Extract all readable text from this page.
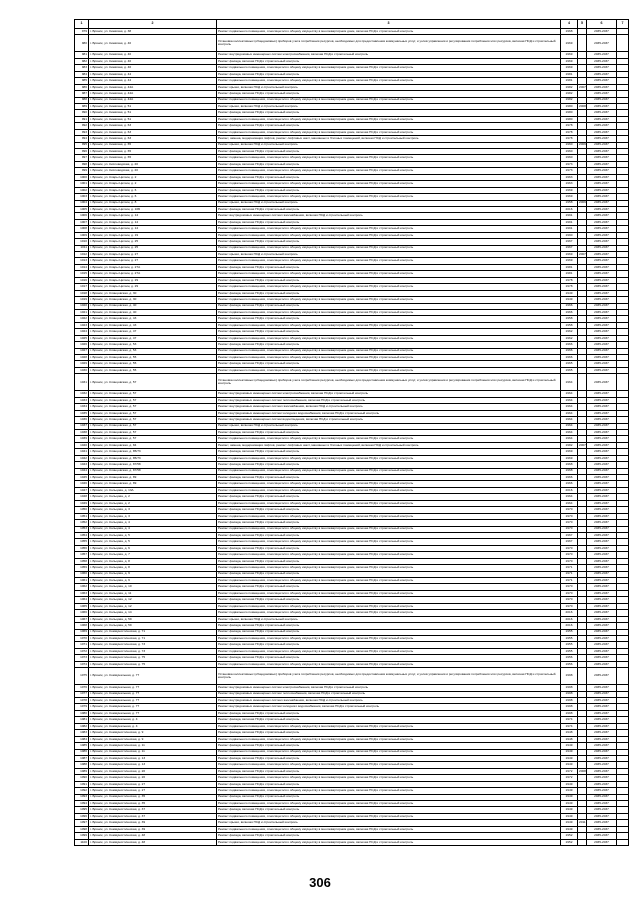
1	2	3	4	5	6	7
979	г. Брянск, ул. Киевская, д. 38	Ремонт подвального помещения, относящегося к общему имуществу в многоквартирном доме, включая ПСД и строительный контроль	1968		2035-2037	
980	г. Брянск, ул. Киевская, д. 40	Установка коллективных (общедомовых) приборов учета потребления ресурсов, необходимых для предоставления коммунальных услуг, и узлов управления и регулирования потребления этих ресурсов, включая ПСД и строительный контроль	1969		2035-2037	
981	г. Брянск, ул. Киевская, д. 40	Ремонт внутридомовых инженерных систем электроснабжения, включая ПСД и строительный контроль	1969		2035-2037	
982	г. Брянск, ул. Киевская, д. 40	Ремонт фасада, включая ПСД и строительный контроль	1969		2035-2037	
983	г. Брянск, ул. Киевская, д. 40	Ремонт подвального помещения, относящегося к общему имуществу в многоквартирном доме, включая ПСД и строительный контроль	1969		2035-2037	
984	г. Брянск, ул. Киевская, д. 44	Ремонт фасада, включая ПСД и строительный контроль	1981		2035-2037	
985	г. Брянск, ул. Киевская, д. 44	Ремонт подвального помещения, относящегося к общему имуществу в многоквартирном доме, включая ПСД и строительный контроль	1981		2035-2037	
986	г. Брянск, ул. Киевская, д. 44А	Ремонт крыши, включая ПСД и строительный контроль	1982	2007	2035-2037	
987	г. Брянск, ул. Киевская, д. 44А	Ремонт фасада, включая ПСД и строительный контроль	1982		2035-2037	
988	г. Брянск, ул. Киевская, д. 44А	Ремонт подвального помещения, относящегося к общему имуществу в многоквартирном доме, включая ПСД и строительный контроль	1982		2035-2037	
989	г. Брянск, ул. Киевская, д. 51	Ремонт крыши, включая ПСД и строительный контроль	1980	2008	2035-2037	
990	г. Брянск, ул. Киевская, д. 51	Ремонт фасада, включая ПСД и строительный контроль	1980		2035-2037	
991	г. Брянск, ул. Киевская, д. 51	Ремонт подвального помещения, относящегося к общему имуществу в многоквартирном доме, включая ПСД и строительный контроль	1980		2035-2037	
992	г. Брянск, ул. Киевская, д. 63	Ремонт фасада, включая ПСД и строительный контроль	1978		2035-2037	
993	г. Брянск, ул. Киевская, д. 63	Ремонт подвального помещения, относящегося к общему имуществу в многоквартирном доме, включая ПСД и строительный контроль	1978		2035-2037	
994	г. Брянск, ул. Киевская, д. 63	Ремонт, замена, модернизация лифтов, ремонт лифтовых шахт, машинных и блочных помещений, включая ПСД и строительный контроль	1978		2035-2037	
995	г. Брянск, ул. Киевская, д. 65	Ремонт крыши, включая ПСД и строительный контроль	1960	2009	2035-2037	
996	г. Брянск, ул. Киевская, д. 65	Ремонт фасада, включая ПСД и строительный контроль	1960		2035-2037	
997	г. Брянск, ул. Киевская, д. 65	Ремонт подвального помещения, относящегося к общему имуществу в многоквартирном доме, включая ПСД и строительный контроль	1960		2035-2037	
998	г. Брянск, ул. Кисловодская, д. 20	Ремонт фасада, включая ПСД и строительный контроль	1973		2035-2037	
999	г. Брянск, ул. Кисловодская, д. 20	Ремонт подвального помещения, относящегося к общему имуществу в многоквартирном доме, включая ПСД и строительный контроль	1973		2035-2037	
1000	г. Брянск, ул. Клары Цеткин, д. 2	Ремонт фасада, включая ПСД и строительный контроль	1963		2035-2037	
1001	г. Брянск, ул. Клары Цеткин, д. 2	Ремонт подвального помещения, относящегося к общему имуществу в многоквартирном доме, включая ПСД и строительный контроль	1963		2035-2037	
1002	г. Брянск, ул. Клары Цеткин, д. 6	Ремонт фасада, включая ПСД и строительный контроль	1969		2035-2037	
1003	г. Брянск, ул. Клары Цеткин, д. 6	Ремонт подвального помещения, относящегося к общему имуществу в многоквартирном доме, включая ПСД и строительный контроль	1969		2035-2037	
1004	г. Брянск, ул. Клары Цеткин, д. 8	Ремонт крыши, включая ПСД и строительный контроль	1958	2009	2035-2037	
1005	г. Брянск, ул. Клары Цеткин, д. 10Б	Ремонт фасада, включая ПСД и строительный контроль	2016		2035-2037	
1006	г. Брянск, ул. Клары Цеткин, д. 14	Ремонт внутридомовых инженерных систем газоснабжения, включая ПСД и строительный контроль	1991		2035-2037	
1007	г. Брянск, ул. Клары Цеткин, д. 14	Ремонт фасада, включая ПСД и строительный контроль	1991		2035-2037	
1008	г. Брянск, ул. Клары Цеткин, д. 14	Ремонт подвального помещения, относящегося к общему имуществу в многоквартирном доме, включая ПСД и строительный контроль	1991		2035-2037	
1009	г. Брянск, ул. Клары Цеткин, д. 19	Ремонт подвального помещения, относящегося к общему имуществу в многоквартирном доме, включая ПСД и строительный контроль	1990		2035-2037	
1010	г. Брянск, ул. Клары Цеткин, д. 25	Ремонт фасада, включая ПСД и строительный контроль	1967		2035-2037	
1011	г. Брянск, ул. Клары Цеткин, д. 25	Ремонт подвального помещения, относящегося к общему имуществу в многоквартирном доме, включая ПСД и строительный контроль	1967		2035-2037	
1012	г. Брянск, ул. Клары Цеткин, д. 27	Ремонт крыши, включая ПСД и строительный контроль	1969	2007	2035-2037	
1013	г. Брянск, ул. Клары Цеткин, д. 27	Ремонт подвального помещения, относящегося к общему имуществу в многоквартирном доме, включая ПСД и строительный контроль	1969		2035-2037	
1014	г. Брянск, ул. Клары Цеткин, д. 27А	Ремонт фасада, включая ПСД и строительный контроль	1981		2035-2037	
1015	г. Брянск, ул. Клары Цеткин, д. 27А	Ремонт подвального помещения, относящегося к общему имуществу в многоквартирном доме, включая ПСД и строительный контроль	1981		2035-2037	
1016	г. Брянск, ул. Клары Цеткин, д. 29	Ремонт фасада, включая ПСД и строительный контроль	1978		2035-2037	
1017	г. Брянск, ул. Клары Цеткин, д. 29	Ремонт подвального помещения, относящегося к общему имуществу в многоквартирном доме, включая ПСД и строительный контроль	1978		2035-2037	
1018	г. Брянск, ул. Клинцовская, д. 30	Ремонт фасада, включая ПСД и строительный контроль	1949		2035-2037	
1019	г. Брянск, ул. Клинцовская, д. 30	Ремонт подвального помещения, относящегося к общему имуществу в многоквартирном доме, включая ПСД и строительный контроль	1949		2035-2037	
1020	г. Брянск, ул. Клинцовская, д. 40	Ремонт фасада, включая ПСД и строительный контроль	1966		2035-2037	
1021	г. Брянск, ул. Клинцовская, д. 40	Ремонт подвального помещения, относящегося к общему имуществу в многоквартирном доме, включая ПСД и строительный контроль	1966		2035-2037	
1022	г. Брянск, ул. Клинцовская, д. 43	Ремонт фасада, включая ПСД и строительный контроль	1958		2035-2037	
1023	г. Брянск, ул. Клинцовская, д. 43	Ремонт подвального помещения, относящегося к общему имуществу в многоквартирном доме, включая ПСД и строительный контроль	1958		2035-2037	
1024	г. Брянск, ул. Клинцовская, д. 47	Ремонт фасада, включая ПСД и строительный контроль	1962		2035-2037	
1025	г. Брянск, ул. Клинцовская, д. 47	Ремонт подвального помещения, относящегося к общему имуществу в многоквартирном доме, включая ПСД и строительный контроль	1962		2035-2037	
1026	г. Брянск, ул. Клинцовская, д. 53	Ремонт фасада, включая ПСД и строительный контроль	1966		2035-2037	
1027	г. Брянск, ул. Клинцовская, д. 53	Ремонт подвального помещения, относящегося к общему имуществу в многоквартирном доме, включая ПСД и строительный контроль	1966		2035-2037	
1028	г. Брянск, ул. Клинцовская, д. 55	Ремонт подвального помещения, относящегося к общему имуществу в многоквартирном доме, включая ПСД и строительный контроль	1966		2035-2037	
1029	г. Брянск, ул. Клинцовская, д. 55	Ремонт фасада, включая ПСД и строительный контроль	1965		2035-2037	
1030	г. Брянск, ул. Клинцовская, д. 55	Ремонт подвального помещения, относящегося к общему имуществу в многоквартирном доме, включая ПСД и строительный контроль	1965		2035-2037	
1031	г. Брянск, ул. Клинцовская, д. 57	Установка коллективных (общедомовых) приборов учета потребления ресурсов, необходимых для предоставления коммунальных услуг, и узлов управления и регулирования потребления этих ресурсов, включая ПСД и строительный контроль	1964		2035-2037	
1032	г. Брянск, ул. Клинцовская, д. 57	Ремонт внутридомовых инженерных систем электроснабжения, включая ПСД и строительный контроль	1964		2035-2037	
1033	г. Брянск, ул. Клинцовская, д. 57	Ремонт внутридомовых инженерных систем теплоснабжения, включая ПСД и строительный контроль	1964		2035-2037	
1034	г. Брянск, ул. Клинцовская, д. 57	Ремонт внутридомовых инженерных систем газоснабжения, включая ПСД и строительный контроль	1964		2035-2037	
1035	г. Брянск, ул. Клинцовская, д. 57	Ремонт внутридомовых инженерных систем холодного водоснабжения, включая ПСД и строительный контроль	1964		2035-2037	
1036	г. Брянск, ул. Клинцовская, д. 57	Ремонт внутридомовых инженерных систем водоотведения, включая ПСД и строительный контроль	1964		2035-2037	
1037	г. Брянск, ул. Клинцовская, д. 57	Ремонт крыши, включая ПСД и строительный контроль	1964		2035-2037	
1038	г. Брянск, ул. Клинцовская, д. 57	Ремонт фасада, включая ПСД и строительный контроль	1964		2035-2037	
1039	г. Брянск, ул. Клинцовская, д. 57	Ремонт подвального помещения, относящегося к общему имуществу в многоквартирном доме, включая ПСД и строительный контроль	1964		2035-2037	
1040	г. Брянск, ул. Клинцовская, д. 84	Ремонт, замена, модернизация лифтов, ремонт лифтовых шахт, машинных и блочных помещений, включая ПСД и строительный контроль	1982	2007	2035-2037	
1041	г. Брянск, ул. Клинцовская, д. 85/73	Ремонт фасада, включая ПСД и строительный контроль	1969		2035-2037	
1042	г. Брянск, ул. Клинцовская, д. 85/73	Ремонт подвального помещения, относящегося к общему имуществу в многоквартирном доме, включая ПСД и строительный контроль	1969		2035-2037	
1043	г. Брянск, ул. Клинцовская, д. 87/58	Ремонт фасада, включая ПСД и строительный контроль	1968		2035-2037	
1044	г. Брянск, ул. Клинцовская, д. 87/58	Ремонт подвального помещения, относящегося к общему имуществу в многоквартирном доме, включая ПСД и строительный контроль	1968		2035-2037	
1045	г. Брянск, ул. Клинцовская, д. 89	Ремонт фасада, включая ПСД и строительный контроль	1966		2035-2037	
1046	г. Брянск, ул. Клинцовская, д. 89	Ремонт подвального помещения, относящегося к общему имуществу в многоквартирном доме, включая ПСД и строительный контроль	1966		2035-2037	
1047	г. Брянск, ул. Кольцова, д. 13А	Ремонт подвального помещения, относящегося к общему имуществу в многоквартирном доме, включая ПСД и строительный контроль	2016		2035-2037	
1048	г. Брянск, ул. Кольцова, д. 2	Ремонт фасада, включая ПСД и строительный контроль	1964		2035-2037	
1049	г. Брянск, ул. Кольцова, д. 2	Ремонт подвального помещения, относящегося к общему имуществу в многоквартирном доме, включая ПСД и строительный контроль	1964		2035-2037	
1050	г. Брянск, ул. Кольцова, д. 3	Ремонт фасада, включая ПСД и строительный контроль	1970		2035-2037	
1051	г. Брянск, ул. Кольцова, д. 3	Ремонт подвального помещения, относящегося к общему имуществу в многоквартирном доме, включая ПСД и строительный контроль	1970		2035-2037	
1052	г. Брянск, ул. Кольцова, д. 4	Ремонт фасада, включая ПСД и строительный контроль	1970		2035-2037	
1053	г. Брянск, ул. Кольцова, д. 4	Ремонт подвального помещения, относящегося к общему имуществу в многоквартирном доме, включая ПСД и строительный контроль	1970		2035-2037	
1054	г. Брянск, ул. Кольцова, д. 5	Ремонт фасада, включая ПСД и строительный контроль	1967		2035-2037	
1055	г. Брянск, ул. Кольцова, д. 5	Ремонт подвального помещения, относящегося к общему имуществу в многоквартирном доме, включая ПСД и строительный контроль	1967		2035-2037	
1056	г. Брянск, ул. Кольцова, д. 6	Ремонт фасада, включая ПСД и строительный контроль	1970		2035-2037	
1057	г. Брянск, ул. Кольцова, д. 7	Ремонт подвального помещения, относящегося к общему имуществу в многоквартирном доме, включая ПСД и строительный контроль	1970		2035-2037	
1058	г. Брянск, ул. Кольцова, д. 8	Ремонт фасада, включая ПСД и строительный контроль	1970		2035-2037	
1059	г. Брянск, ул. Кольцова, д. 8	Ремонт подвального помещения, относящегося к общему имуществу в многоквартирном доме, включая ПСД и строительный контроль	1971		2035-2037	
1060	г. Брянск, ул. Кольцова, д. 9	Ремонт фасада, включая ПСД и строительный контроль	1971		2035-2037	
1061	г. Брянск, ул. Кольцова, д. 9	Ремонт подвального помещения, относящегося к общему имуществу в многоквартирном доме, включая ПСД и строительный контроль	1971		2035-2037	
1062	г. Брянск, ул. Кольцова, д. 10	Ремонт фасада, включая ПСД и строительный контроль	1970		2035-2037	
1063	г. Брянск, ул. Кольцова, д. 11	Ремонт подвального помещения, относящегося к общему имуществу в многоквартирном доме, включая ПСД и строительный контроль	1970		2035-2037	
1064	г. Брянск, ул. Кольцова, д. 12	Ремонт фасада, включая ПСД и строительный контроль	1970		2035-2037	
1065	г. Брянск, ул. Кольцова, д. 12	Ремонт подвального помещения, относящегося к общему имуществу в многоквартирном доме, включая ПСД и строительный контроль	1970		2035-2037	
1066	г. Брянск, ул. Кольцова, д. 14	Ремонт подвального помещения, относящегося к общему имуществу в многоквартирном доме, включая ПСД и строительный контроль	2016		2035-2037	
1067	г. Брянск, ул. Кольцова, д. 59	Ремонт крыши, включая ПСД и строительный контроль	2016		2035-2037	
1068	г. Брянск, ул. Кольцова, д. 59	Ремонт фасада, включая ПСД и строительный контроль	2016		2035-2037	
1069	г. Брянск, ул. Коммунистическая, д. 71	Ремонт фасада, включая ПСД и строительный контроль	1955		2035-2037	
1070	г. Брянск, ул. Коммунистическая, д. 71	Ремонт подвального помещения, относящегося к общему имуществу в многоквартирном доме, включая ПСД и строительный контроль	1955		2035-2037	
1071	г. Брянск, ул. Коммунистическая, д. 73	Ремонт фасада, включая ПСД и строительный контроль	1955		2035-2037	
1072	г. Брянск, ул. Коммунистическая, д. 73	Ремонт подвального помещения, относящегося к общему имуществу в многоквартирном доме, включая ПСД и строительный контроль	1955		2035-2037	
1073	г. Брянск, ул. Коммунистическая, д. 75	Ремонт фасада, включая ПСД и строительный контроль	1956		2035-2037	
1074	г. Брянск, ул. Коммунистическая, д. 75	Ремонт подвального помещения, относящегося к общему имуществу в многоквартирном доме, включая ПСД и строительный контроль	1956		2035-2037	
1075	г. Брянск, ул. Коммунальная, д. 77	Установка коллективных (общедомовых) приборов учета потребления ресурсов, необходимых для предоставления коммунальных услуг, и узлов управления и регулирования потребления этих ресурсов, включая ПСД и строительный контроль	1998		2035-2037	
1076	г. Брянск, ул. Коммунальная, д. 77	Ремонт внутридомовых инженерных систем электроснабжения, включая ПСД и строительный контроль	1998		2035-2037	
1077	г. Брянск, ул. Коммунальная, д. 77	Ремонт внутридомовых инженерных систем теплоснабжения, включая ПСД и строительный контроль	1998		2035-2037	
1078	г. Брянск, ул. Коммунальная, д. 77	Ремонт внутридомовых инженерных систем газоснабжения, включая ПСД и строительный контроль	1998		2035-2037	
1079	г. Брянск, ул. Коммунальная, д. 77	Ремонт внутридомовых инженерных систем холодного водоснабжения, включая ПСД и строительный контроль	1998		2035-2037	
1080	г. Брянск, ул. Коммунальная, д. 77	Ремонт фасада, включая ПСД и строительный контроль	1998		2035-2037	
1081	г. Брянск, ул. Коммунальная, д. 4	Ремонт фасада, включая ПСД и строительный контроль	1974		2035-2037	
1082	г. Брянск, ул. Коммунальная, д. 4	Ремонт подвального помещения, относящегося к общему имуществу в многоквартирном доме, включая ПСД и строительный контроль	1974		2035-2037	
1083	г. Брянск, ул. Коммунистическая, д. 9	Ремонт фасада, включая ПСД и строительный контроль	1948		2035-2037	
1084	г. Брянск, ул. Коммунистическая, д. 9	Ремонт подвального помещения, относящегося к общему имуществу в многоквартирном доме, включая ПСД и строительный контроль	1948		2035-2037	
1085	г. Брянск, ул. Коммунистическая, д. 11	Ремонт фасада, включая ПСД и строительный контроль	1949		2035-2037	
1086	г. Брянск, ул. Коммунистическая, д. 11	Ремонт подвального помещения, относящегося к общему имуществу в многоквартирном доме, включая ПСД и строительный контроль	1949		2035-2037	
1087	г. Брянск, ул. Коммунистическая, д. 13	Ремонт фасада, включая ПСД и строительный контроль	1949		2035-2037	
1088	г. Брянск, ул. Коммунистическая, д. 13	Ремонт подвального помещения, относящегося к общему имуществу в многоквартирном доме, включая ПСД и строительный контроль	1949		2035-2037	
1089	г. Брянск, ул. Коммунистическая, д. 20	Ремонт фасада, включая ПСД и строительный контроль	1972	2008	2035-2037	
1090	г. Брянск, ул. Коммунистическая, д. 20	Ремонт подвального помещения, относящегося к общему имуществу в многоквартирном доме, включая ПСД и строительный контроль	1972		2035-2037	
1091	г. Брянск, ул. Коммунистическая, д. 27	Ремонт фасада, включая ПСД и строительный контроль	1949		2035-2037	
1092	г. Брянск, ул. Коммунистическая, д. 27	Ремонт подвального помещения, относящегося к общему имуществу в многоквартирном доме, включая ПСД и строительный контроль	1949		2035-2037	
1093	г. Брянск, ул. Коммунистическая, д. 35	Ремонт фасада, включая ПСД и строительный контроль	1949		2035-2037	
1094	г. Брянск, ул. Коммунистическая, д. 35	Ремонт подвального помещения, относящегося к общему имуществу в многоквартирном доме, включая ПСД и строительный контроль	1949		2035-2037	
1095	г. Брянск, ул. Коммунистическая, д. 37	Ремонт фасада, включая ПСД и строительный контроль	1949		2035-2037	
1096	г. Брянск, ул. Коммунистическая, д. 37	Ремонт подвального помещения, относящегося к общему имуществу в многоквартирном доме, включая ПСД и строительный контроль	1949		2035-2037	
1097	г. Брянск, ул. Коммунистическая, д. 39	Ремонт крыши, включая ПСД и строительный контроль	1949	2011	2035-2037	
1098	г. Брянск, ул. Коммунистическая, д. 39	Ремонт подвального помещения, относящегося к общему имуществу в многоквартирном доме, включая ПСД и строительный контроль	1949		2035-2037	
1099	г. Брянск, ул. Коммунистическая, д. 48	Ремонт фасада, включая ПСД и строительный контроль	1952		2035-2037	
1100	г. Брянск, ул. Коммунистическая, д. 48	Ремонт подвального помещения, относящегося к общему имуществу в многоквартирном доме, включая ПСД и строительный контроль	1952		2035-2037	
306
